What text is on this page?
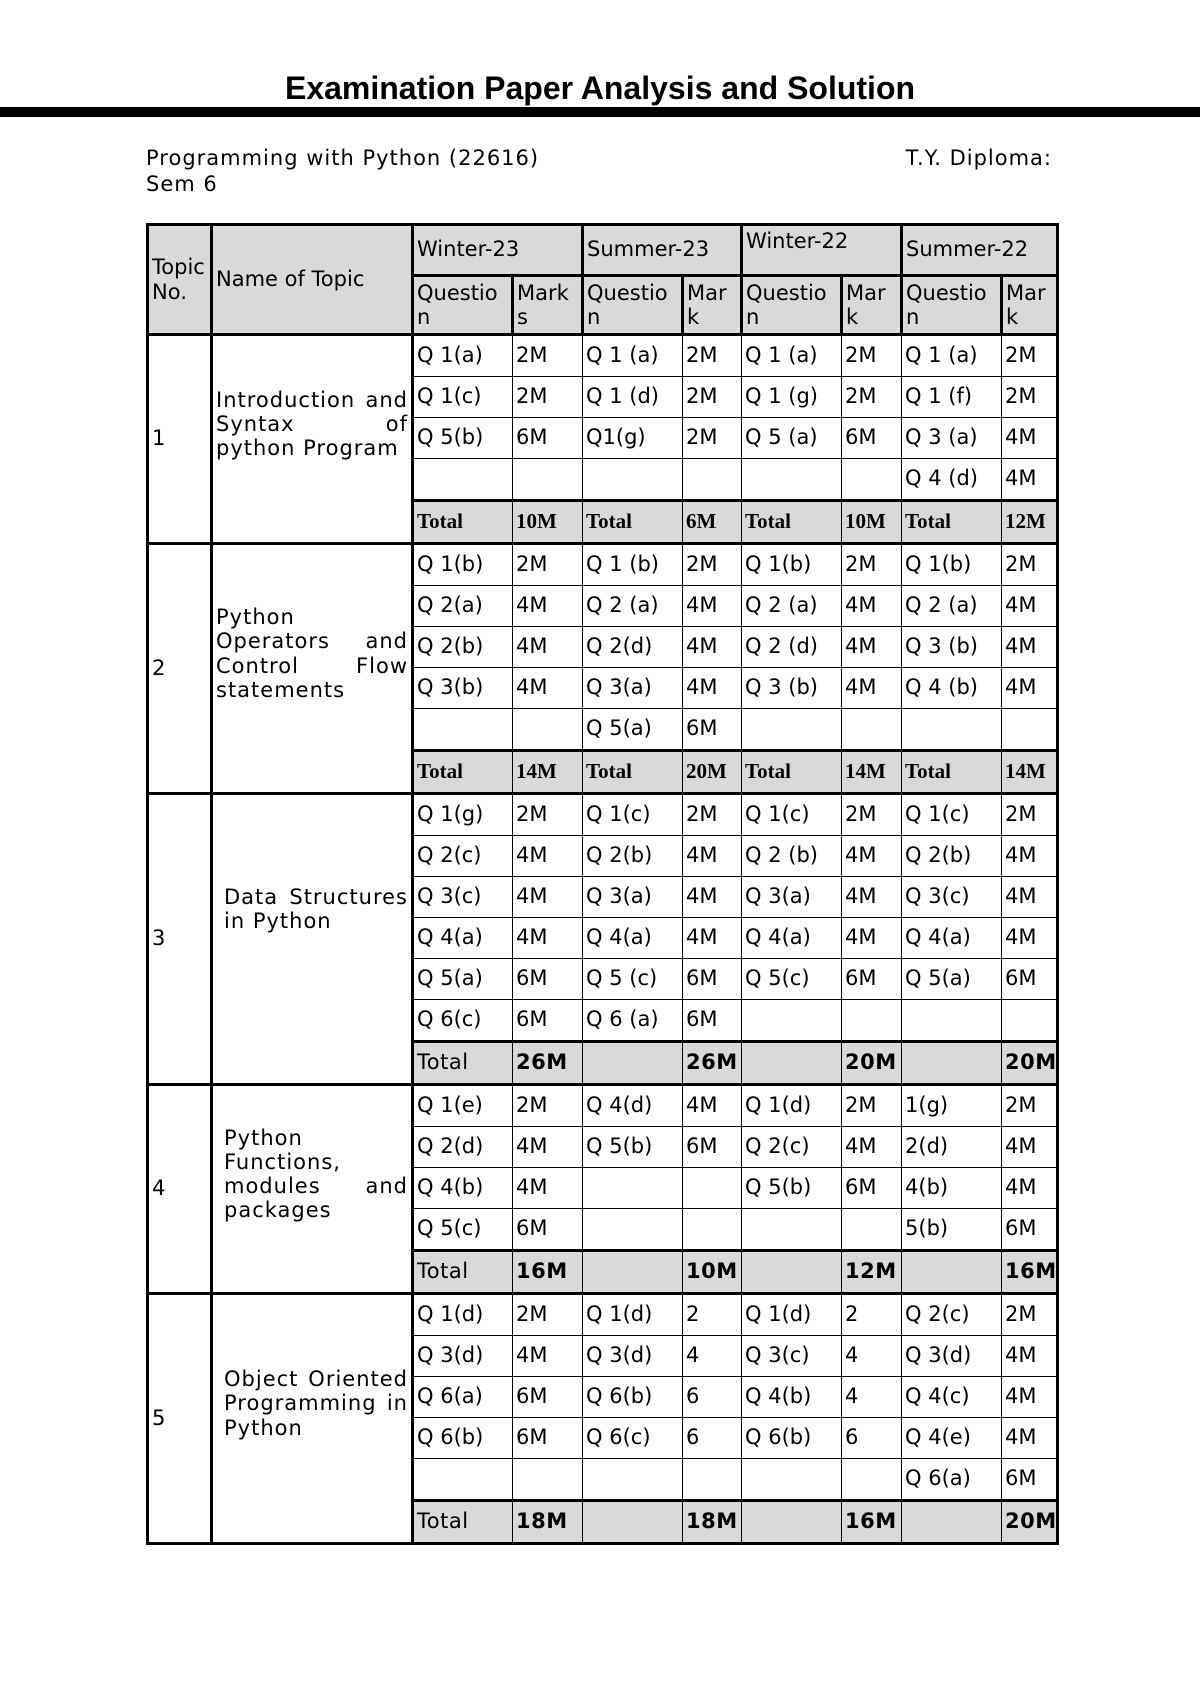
Examination Paper Analysis and Solution
Programming with Python (22616)	T.Y. Diploma:
Sem 6
Topic No.	Name of Topic	Winter-23		Summer-23		Winter-22		Summer-22	
		Question	Marks	Question	Mark	Question	Mark	Question	Mark
1	Introduction and Syntax of python Program	Q 1(a)	2M	Q 1 (a)	2M	Q 1 (a)	2M	Q 1 (a)	2M
		Q 1(c)	2M	Q 1 (d)	2M	Q 1 (g)	2M	Q 1 (f)	2M
		Q 5(b)	6M	Q1(g)	2M	Q 5 (a)	6M	Q 3 (a)	4M
								Q 4 (d)	4M
		Total	10M	Total	6M	Total	10M	Total	12M
2	Python Operators and Control Flow statements	Q 1(b)	2M	Q 1 (b)	2M	Q 1(b)	2M	Q 1(b)	2M
		Q 2(a)	4M	Q 2 (a)	4M	Q 2 (a)	4M	Q 2 (a)	4M
		Q 2(b)	4M	Q 2(d)	4M	Q 2 (d)	4M	Q 3 (b)	4M
		Q 3(b)	4M	Q 3(a)	4M	Q 3 (b)	4M	Q 4 (b)	4M
				Q 5(a)	6M				
		Total	14M	Total	20M	Total	14M	Total	14M
3	Data Structures in Python	Q 1(g)	2M	Q 1(c)	2M	Q 1(c)	2M	Q 1(c)	2M
		Q 2(c)	4M	Q 2(b)	4M	Q 2 (b)	4M	Q 2(b)	4M
		Q 3(c)	4M	Q 3(a)	4M	Q 3(a)	4M	Q 3(c)	4M
		Q 4(a)	4M	Q 4(a)	4M	Q 4(a)	4M	Q 4(a)	4M
		Q 5(a)	6M	Q 5 (c)	6M	Q 5(c)	6M	Q 5(a)	6M
		Q 6(c)	6M	Q 6 (a)	6M				
		Total	26M		26M		20M		20M
4	Python Functions, modules and packages	Q 1(e)	2M	Q 4(d)	4M	Q 1(d)	2M	1(g)	2M
		Q 2(d)	4M	Q 5(b)	6M	Q 2(c)	4M	2(d)	4M
		Q 4(b)	4M			Q 5(b)	6M	4(b)	4M
		Q 5(c)	6M					5(b)	6M
		Total	16M		10M		12M		16M
5	Object Oriented Programming in Python	Q 1(d)	2M	Q 1(d)	2	Q 1(d)	2	Q 2(c)	2M
		Q 3(d)	4M	Q 3(d)	4	Q 3(c)	4	Q 3(d)	4M
		Q 6(a)	6M	Q 6(b)	6	Q 4(b)	4	Q 4(c)	4M
		Q 6(b)	6M	Q 6(c)	6	Q 6(b)	6	Q 4(e)	4M
								Q 6(a)	6M
		Total	18M		18M		16M		20M
